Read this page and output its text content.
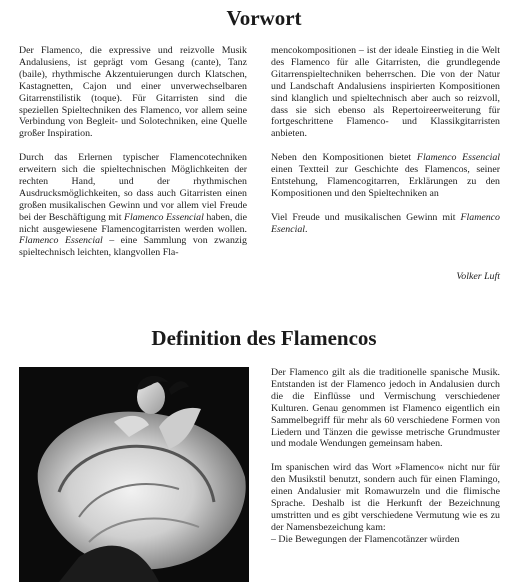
Vorwort

Der Flamenco, die expressive und reizvolle Musik Andalusiens, ist geprägt vom Gesang (cante), Tanz (baile), rhythmische Akzentuierungen durch Klatschen, Kastagnetten, Cajon und einer unverwechselbaren Gitarrenstilistik (toque). Für Gitarristen sind die speziellen Spieltechniken des Flamenco, vor allem seine Verbindung von Begleit- und Solotechniken, eine Quelle großer Inspiration.

Durch das Erlernen typischer Flamencotechniken erweitern sich die spieltechnischen Möglichkeiten der rechten Hand, und der rhythmischen Ausdrucksmöglichkeiten, so dass auch Gitarristen einen großen musikalischen Gewinn und vor allem viel Freude bei der Beschäftigung mit Flamenco Essencial haben, die nicht ausgewiesene Flamencogitarristen werden wollen. Flamenco Essencial – eine Sammlung von zwanzig spieltechnisch leichten, klangvollen Fla-

mencokompositionen – ist der ideale Einstieg in die Welt des Flamenco für alle Gitarristen, die grundlegende Gitarrenspieltechniken beherrschen. Die von der Natur und Landschaft Andalusiens inspirierten Kompositionen sind klanglich und spieltechnisch aber auch so reizvoll, dass sie sich ebenso als Repertoireerweiterung für fortgeschrittene Flamenco- und Klassikgitarristen anbieten.

Neben den Kompositionen bietet Flamenco Essencial einen Textteil zur Geschichte des Flamencos, seiner Entstehung, Flamencogitarren, Erklärungen zu den Kompositionen und den Spieltechniken an

Viel Freude und musikalischen Gewinn mit Flamenco Esencial.

Volker Luft
Definition des Flamencos

Der Flamenco gilt als die traditionelle spanische Musik. Entstanden ist der Flamenco jedoch in Andalusien durch die die Einflüsse und Vermischung verschiedener Kulturen. Genau genommen ist Flamenco eigentlich ein Sammelbegriff für mehr als 60 verschiedene Formen von Liedern und Tänzen die gewisse metrische Grundmuster und modale Wendungen gemeinsam haben.

Im spanischen wird das Wort »Flamenco« nicht nur für den Musikstil benutzt, sondern auch für einen Flamingo, einen Andalusier mit Romawurzeln und die flimische Sprache. Deshalb ist die Herkunft der Bezeichnung umstritten und es gibt verschiedene Vermutung wie es zu der Namensbezeichung kam:

– Die Bewegungen der Flamencotänzer würden
